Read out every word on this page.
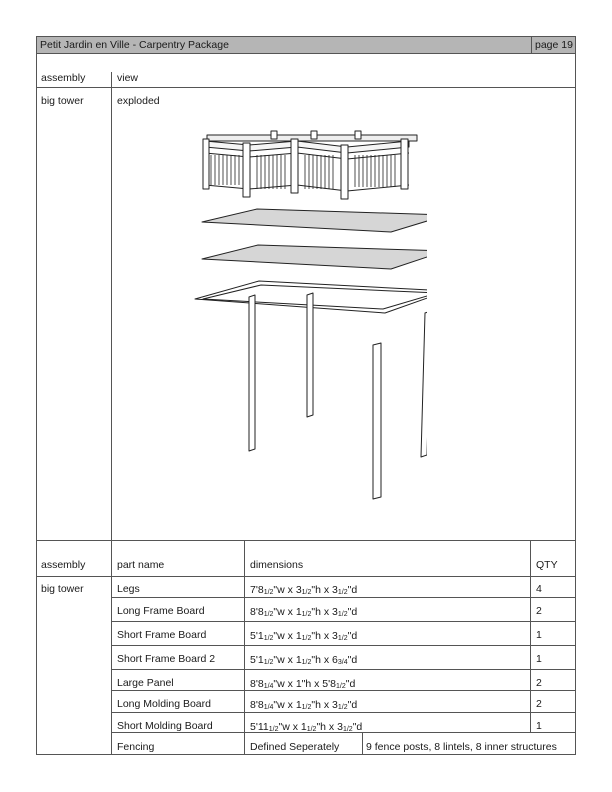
Petit Jardin en Ville - Carpentry Package	page 19
assembly	view
big tower	exploded
assembly	part name	dimensions	QTY
big tower	Legs	7'81/2"w x 31/2"h x 31/2"d	4
Long Frame Board	8'81/2"w x 11/2"h x 31/2"d	2
Short Frame Board	5'11/2"w x 11/2"h x 31/2"d	1
Short Frame Board 2	5'11/2"w x 11/2"h x 63/4"d	1
Large Panel	8'81/4"w x 1"h x 5'81/2"d	2
Long Molding Board	8'81/4"w x 11/2"h x 31/2"d	2
Short Molding Board	5'111/2"w x 11/2"h x 31/2"d	1
Fencing	Defined Seperately	9 fence posts, 8 lintels, 8 inner structures
